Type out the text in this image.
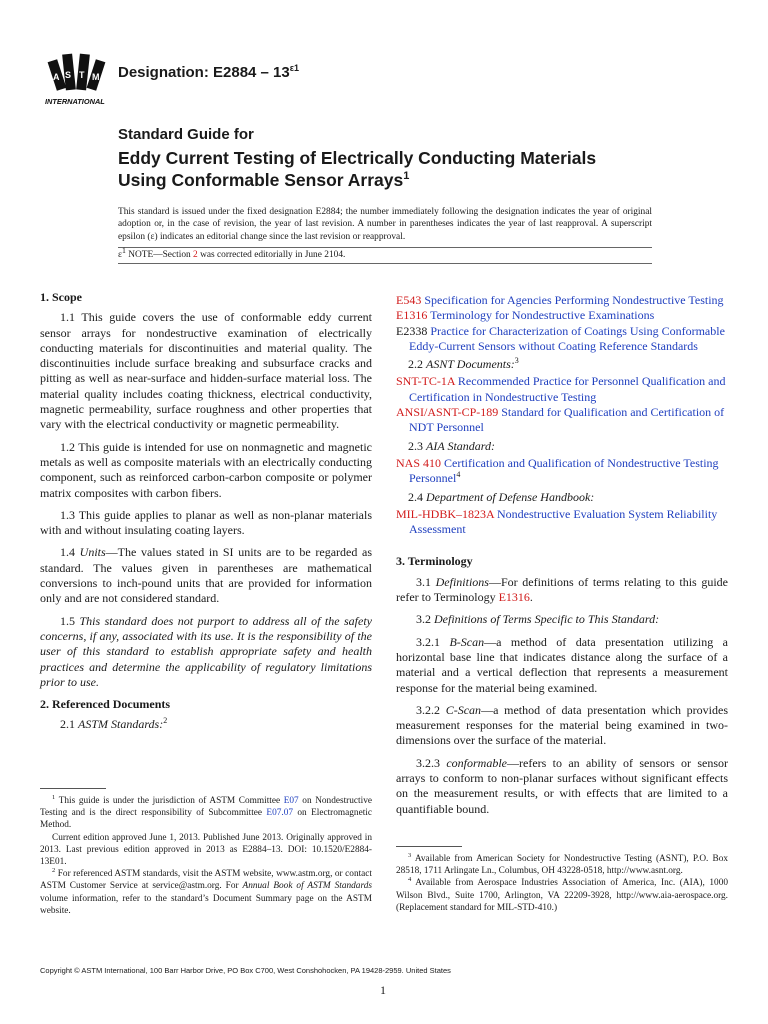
A S T M
INTERNATIONAL
Designation: $E2884 - 13^{\varepsilon 1}$
Standard Guide for
Eddy Current Testing of Electrically Conducting Materials
Using Conformable Sensor Arrays$^1$
This standard is issued under the fixed designation E2884; the number immediately following the designation indicates the year of original adoption or, in the case of revision, the year of last revision. A number in parentheses indicates the year of last reapproval. A superscript epsilon (ε) indicates an editorial change since the last revision or reapproval.
$\varepsilon^1$ NOTE—Section 2 was corrected editorially in June 2104.
1. Scope

1.1 This guide covers the use of conformable eddy current sensor arrays for nondestructive examination of electrically conducting materials for discontinuities and material quality. The discontinuities include surface breaking and subsurface cracks and pitting as well as near-surface and hidden-surface material loss. The material quality includes coating thickness, electrical conductivity, magnetic permeability, surface roughness and other properties that vary with the electrical conductivity or magnetic permeability.

1.2 This guide is intended for use on nonmagnetic and magnetic metals as well as composite materials with an electrically conducting component, such as reinforced carbon-carbon composite or polymer matrix composites with carbon fibers.

1.3 This guide applies to planar as well as non-planar materials with and without insulating coating layers.

1.4 Units—The values stated in SI units are to be regarded as standard. The values given in parentheses are mathematical conversions to inch-pound units that are provided for information only and are not considered standard.

1.5 This standard does not purport to address all of the safety concerns, if any, associated with its use. It is the responsibility of the user of this standard to establish appropriate safety and health practices and determine the applicability of regulatory limitations prior to use.

2. Referenced Documents

2.1 ASTM Standards:$^2$

$^1$ This guide is under the jurisdiction of ASTM Committee E07 on Nondestructive Testing and is the direct responsibility of Subcommittee E07.07 on Electromagnetic Method.

Current edition approved June 1, 2013. Published June 2013. Originally approved in 2013. Last previous edition approved in 2013 as E2884–13. DOI: 10.1520/E2884-13E01.

$^2$ For referenced ASTM standards, visit the ASTM website, www.astm.org, or contact ASTM Customer Service at service@astm.org. For Annual Book of ASTM Standards volume information, refer to the standard’s Document Summary page on the ASTM website.

E543 Specification for Agencies Performing Nondestructive Testing
E1316 Terminology for Nondestructive Examinations
E2338 Practice for Characterization of Coatings Using Conformable Eddy-Current Sensors without Coating Reference Standards
2.2 ASNT Documents:$^3$
SNT-TC-1A Recommended Practice for Personnel Qualification and Certification in Nondestructive Testing
ANSI/ASNT-CP-189 Standard for Qualification and Certification of NDT Personnel
2.3 AIA Standard:
NAS 410 Certification and Qualification of Nondestructive Testing Personnel$^4$
2.4 Department of Defense Handbook:
MIL-HDBK–1823A Nondestructive Evaluation System Reliability Assessment
3. Terminology

3.1 Definitions—For definitions of terms relating to this guide refer to Terminology E1316.

3.2 Definitions of Terms Specific to This Standard:

3.2.1 B-Scan—a method of data presentation utilizing a horizontal base line that indicates distance along the surface of a material and a vertical deflection that represents a measurement response for the material being examined.

3.2.2 C-Scan—a method of data presentation which provides measurement responses for the material being examined in two-dimensions over the surface of the material.

3.2.3 conformable—refers to an ability of sensors or sensor arrays to conform to non-planar surfaces without significant effects on the measurement results, or with effects that are limited to a quantifiable bound.

$^3$ Available from American Society for Nondestructive Testing (ASNT), P.O. Box 28518, 1711 Arlingate Ln., Columbus, OH 43228-0518, http://www.asnt.org.

$^4$ Available from Aerospace Industries Association of America, Inc. (AIA), 1000 Wilson Blvd., Suite 1700, Arlington, VA 22209-3928, http://www.aia-aerospace.org. (Replacement standard for MIL-STD-410.)

Copyright © ASTM International, 100 Barr Harbor Drive, PO Box C700, West Conshohocken, PA 19428-2959. United States
1
